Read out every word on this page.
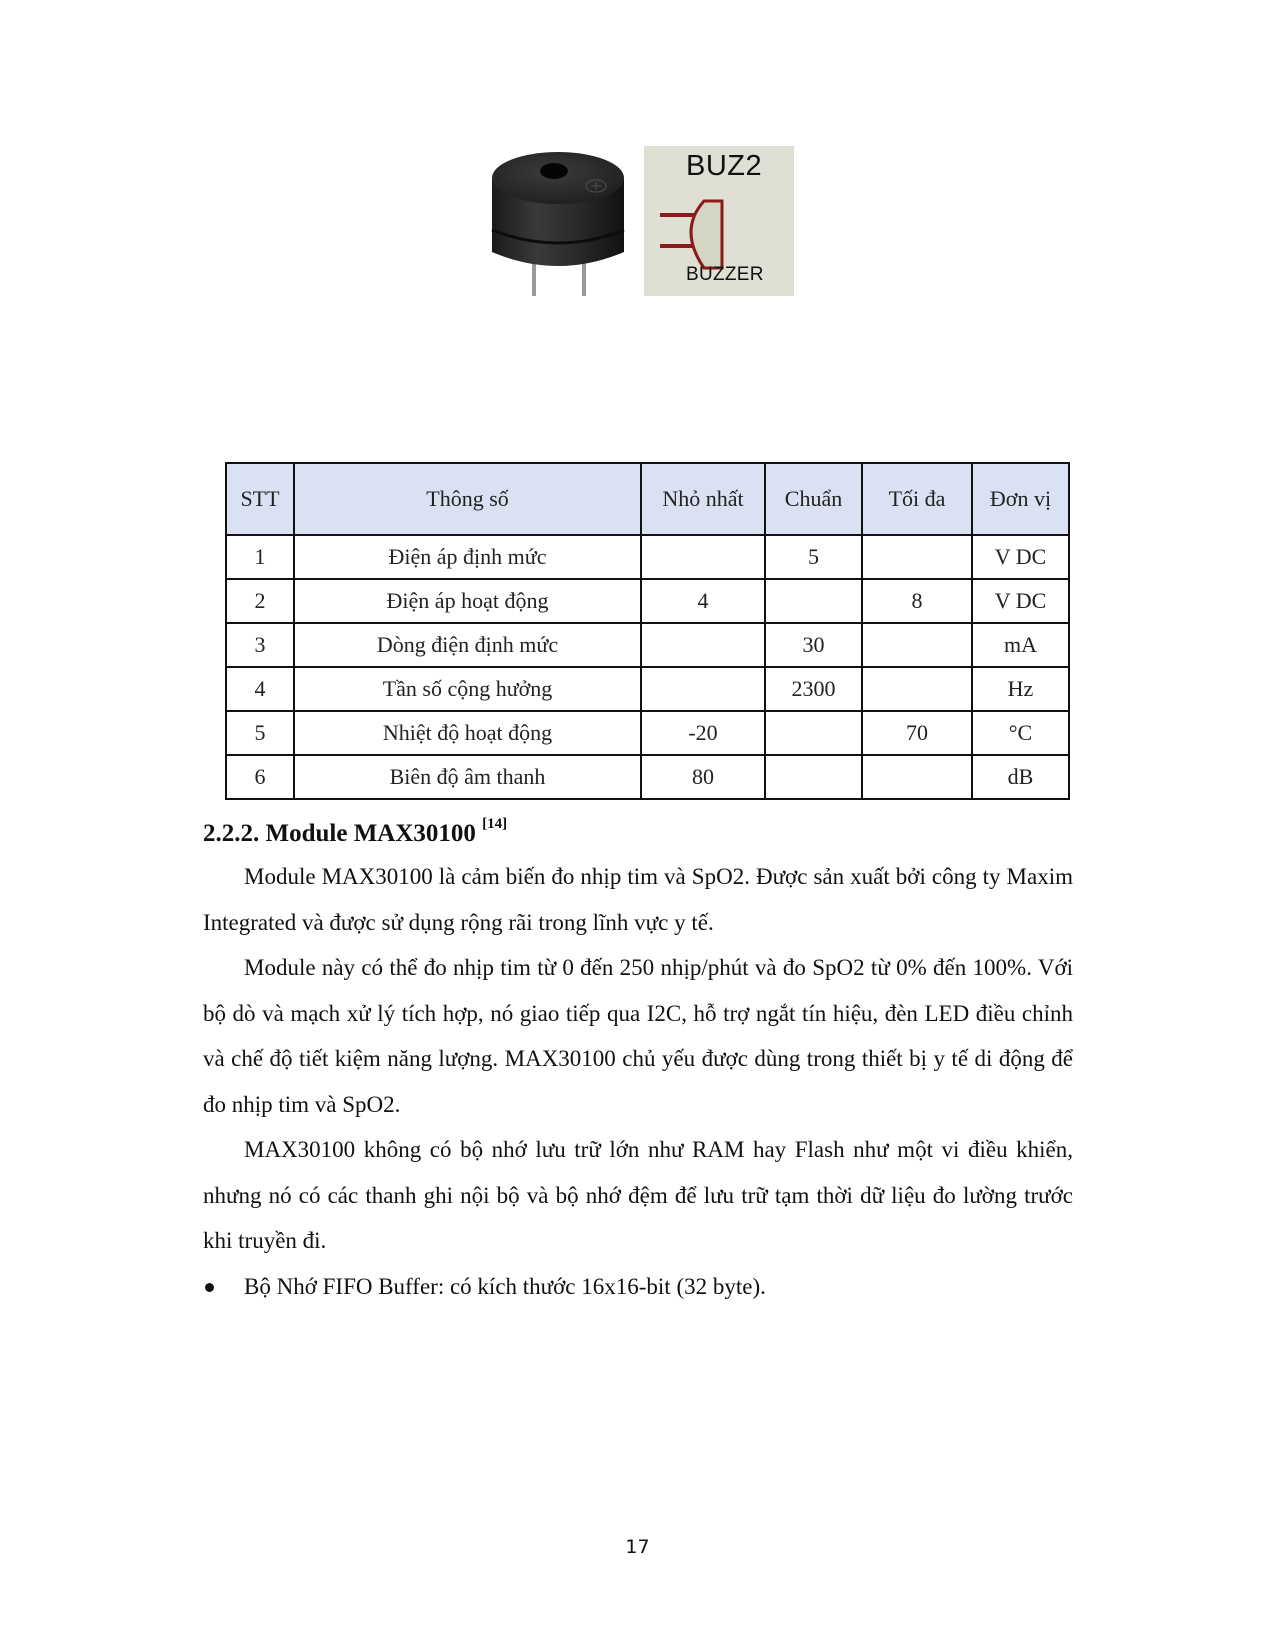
BUZ2
BUZZER
STT	Thông số	Nhỏ nhất	Chuẩn	Tối đa	Đơn vị
1	Điện áp định mức		5		V DC
2	Điện áp hoạt động	4		8	V DC
3	Dòng điện định mức		30		mA
4	Tần số cộng hưởng		2300		Hz
5	Nhiệt độ hoạt động	-20		70	°C
6	Biên độ âm thanh	80			dB
2.2.2. Module MAX30100 [14]

Module MAX30100 là cảm biến đo nhịp tim và SpO2. Được sản xuất bởi công ty Maxim Integrated và được sử dụng rộng rãi trong lĩnh vực y tế.

Module này có thể đo nhịp tim từ 0 đến 250 nhịp/phút và đo SpO2 từ 0% đến 100%. Với bộ dò và mạch xử lý tích hợp, nó giao tiếp qua I2C, hỗ trợ ngắt tín hiệu, đèn LED điều chỉnh và chế độ tiết kiệm năng lượng. MAX30100 chủ yếu được dùng trong thiết bị y tế di động để đo nhịp tim và SpO2.

MAX30100 không có bộ nhớ lưu trữ lớn như RAM hay Flash như một vi điều khiển, nhưng nó có các thanh ghi nội bộ và bộ nhớ đệm để lưu trữ tạm thời dữ liệu đo lường trước khi truyền đi.

Bộ Nhớ FIFO Buffer: có kích thước 16x16-bit (32 byte).
17
